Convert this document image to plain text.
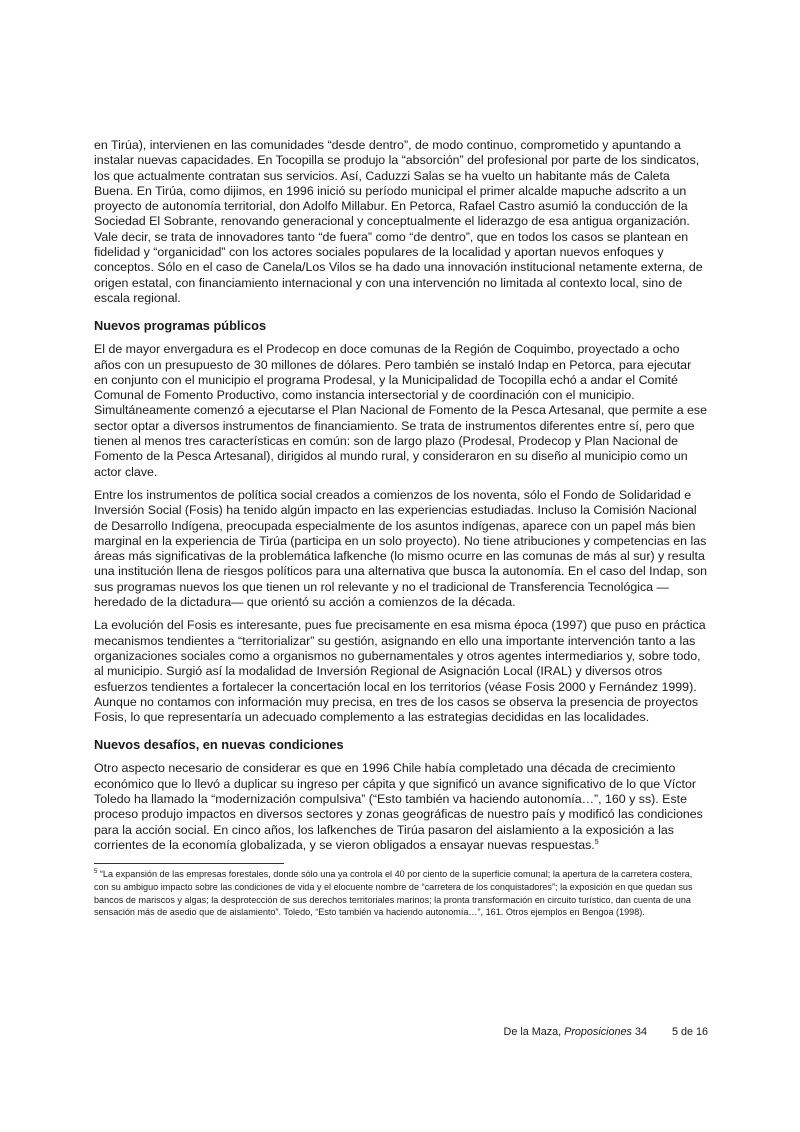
en Tirúa), intervienen en las comunidades “desde dentro”, de modo continuo, comprometido y apuntando a instalar nuevas capacidades. En Tocopilla se produjo la “absorción” del profesional por parte de los sindicatos, los que actualmente contratan sus servicios. Así, Caduzzi Salas se ha vuelto un habitante más de Caleta Buena. En Tirúa, como dijimos, en 1996 inició su período municipal el primer alcalde mapuche adscrito a un proyecto de autonomía territorial, don Adolfo Millabur. En Petorca, Rafael Castro asumió la conducción de la Sociedad El Sobrante, renovando generacional y conceptualmente el liderazgo de esa antigua organización. Vale decir, se trata de innovadores tanto “de fuera” como “de dentro”, que en todos los casos se plantean en fidelidad y “organicidad” con los actores sociales populares de la localidad y aportan nuevos enfoques y conceptos. Sólo en el caso de Canela/Los Vilos se ha dado una innovación institucional netamente externa, de origen estatal, con financiamiento internacional y con una intervención no limitada al contexto local, sino de escala regional.

Nuevos programas públicos

El de mayor envergadura es el Prodecop en doce comunas de la Región de Coquimbo, proyectado a ocho años con un presupuesto de 30 millones de dólares. Pero también se instaló Indap en Petorca, para ejecutar en conjunto con el municipio el programa Prodesal, y la Municipalidad de Tocopilla echó a andar el Comité Comunal de Fomento Productivo, como instancia intersectorial y de coordinación con el municipio. Simultáneamente comenzó a ejecutarse el Plan Nacional de Fomento de la Pesca Artesanal, que permite a ese sector optar a diversos instrumentos de financiamiento. Se trata de instrumentos diferentes entre sí, pero que tienen al menos tres características en común: son de largo plazo (Prodesal, Prodecop y Plan Nacional de Fomento de la Pesca Artesanal), dirigidos al mundo rural, y consideraron en su diseño al municipio como un actor clave.

Entre los instrumentos de política social creados a comienzos de los noventa, sólo el Fondo de Solidaridad e Inversión Social (Fosis) ha tenido algún impacto en las experiencias estudiadas. Incluso la Comisión Nacional de Desarrollo Indígena, preocupada especialmente de los asuntos indígenas, aparece con un papel más bien marginal en la experiencia de Tirúa (participa en un solo proyecto). No tiene atribuciones y competencias en las áreas más significativas de la problemática lafkenche (lo mismo ocurre en las comunas de más al sur) y resulta una institución llena de riesgos políticos para una alternativa que busca la autonomía. En el caso del Indap, son sus programas nuevos los que tienen un rol relevante y no el tradicional de Transferencia Tecnológica —heredado de la dictadura— que orientó su acción a comienzos de la década.

La evolución del Fosis es interesante, pues fue precisamente en esa misma época (1997) que puso en práctica mecanismos tendientes a “territorializar” su gestión, asignando en ello una importante intervención tanto a las organizaciones sociales como a organismos no gubernamentales y otros agentes intermediarios y, sobre todo, al municipio. Surgió así la modalidad de Inversión Regional de Asignación Local (IRAL) y diversos otros esfuerzos tendientes a fortalecer la concertación local en los territorios (véase Fosis 2000 y Fernández 1999). Aunque no contamos con información muy precisa, en tres de los casos se observa la presencia de proyectos Fosis, lo que representaría un adecuado complemento a las estrategias decididas en las localidades.

Nuevos desafíos, en nuevas condiciones

Otro aspecto necesario de considerar es que en 1996 Chile había completado una década de crecimiento económico que lo llevó a duplicar su ingreso per cápita y que significó un avance significativo de lo que Víctor Toledo ha llamado la “modernización compulsiva” (“Esto también va haciendo autonomía…”, 160 y ss). Este proceso produjo impactos en diversos sectores y zonas geográficas de nuestro país y modificó las condiciones para la acción social. En cinco años, los lafkenches de Tirúa pasaron del aislamiento a la exposición a las corrientes de la economía globalizada, y se vieron obligados a ensayar nuevas respuestas.$^5$

$^5$ “La expansión de las empresas forestales, donde sólo una ya controla el 40 por ciento de la superficie comunal; la apertura de la carretera costera, con su ambiguo impacto sobre las condiciones de vida y el elocuente nombre de “carretera de los conquistadores”; la exposición en que quedan sus bancos de mariscos y algas; la desprotección de sus derechos territoriales marinos; la pronta transformación en circuito turístico, dan cuenta de una sensación más de asedio que de aislamiento”. Toledo, “Esto también va haciendo autonomía…”, 161. Otros ejemplos en Bengoa (1998).

De la Maza, Proposiciones 34 5 de 16
